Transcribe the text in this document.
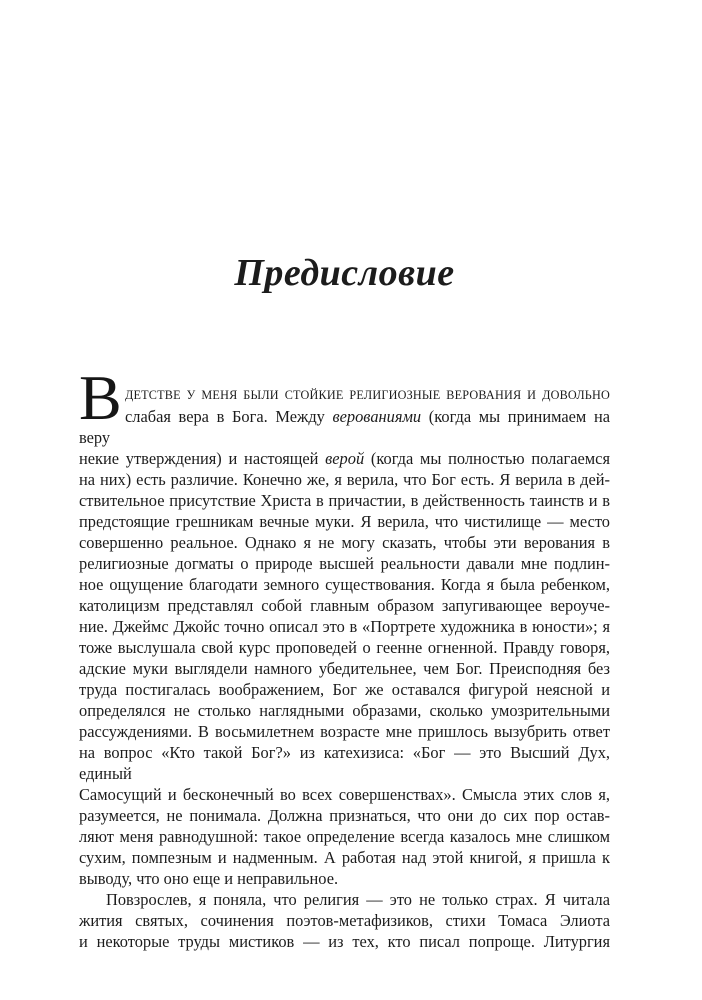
Предисловие
В ДЕТСТВЕ У МЕНЯ БЫЛИ СТОЙКИЕ РЕЛИГИОЗНЫЕ ВЕРОВАНИЯ И ДОВОЛЬНО
слабая вера в Бога. Между верованиями (когда мы принимаем на веру
некие утверждения) и настоящей верой (когда мы полностью полагаемся
на них) есть различие. Конечно же, я верила, что Бог есть. Я верила в дей-
ствительное присутствие Христа в причастии, в действенность таинств и в
предстоящие грешникам вечные муки. Я верила, что чистилище — место
совершенно реальное. Однако я не могу сказать, чтобы эти верования в
религиозные догматы о природе высшей реальности давали мне подлин-
ное ощущение благодати земного существования. Когда я была ребенком,
католицизм представлял собой главным образом запугивающее вероуче-
ние. Джеймс Джойс точно описал это в «Портрете художника в юности»; я
тоже выслушала свой курс проповедей о геенне огненной. Правду говоря,
адские муки выглядели намного убедительнее, чем Бог. Преисподняя без
труда постигалась воображением, Бог же оставался фигурой неясной и
определялся не столько наглядными образами, сколько умозрительными
рассуждениями. В восьмилетнем возрасте мне пришлось вызубрить ответ
на вопрос «Кто такой Бог?» из катехизиса: «Бог — это Высший Дух, единый
Самосущий и бесконечный во всех совершенствах». Смысла этих слов я,
разумеется, не понимала. Должна признаться, что они до сих пор остав-
ляют меня равнодушной: такое определение всегда казалось мне слишком
сухим, помпезным и надменным. А работая над этой книгой, я пришла к
выводу, что оно еще и неправильное.
Повзрослев, я поняла, что религия — это не только страх. Я читала
жития святых, сочинения поэтов-метафизиков, стихи Томаса Элиота
и некоторые труды мистиков — из тех, кто писал попроще. Литургия
